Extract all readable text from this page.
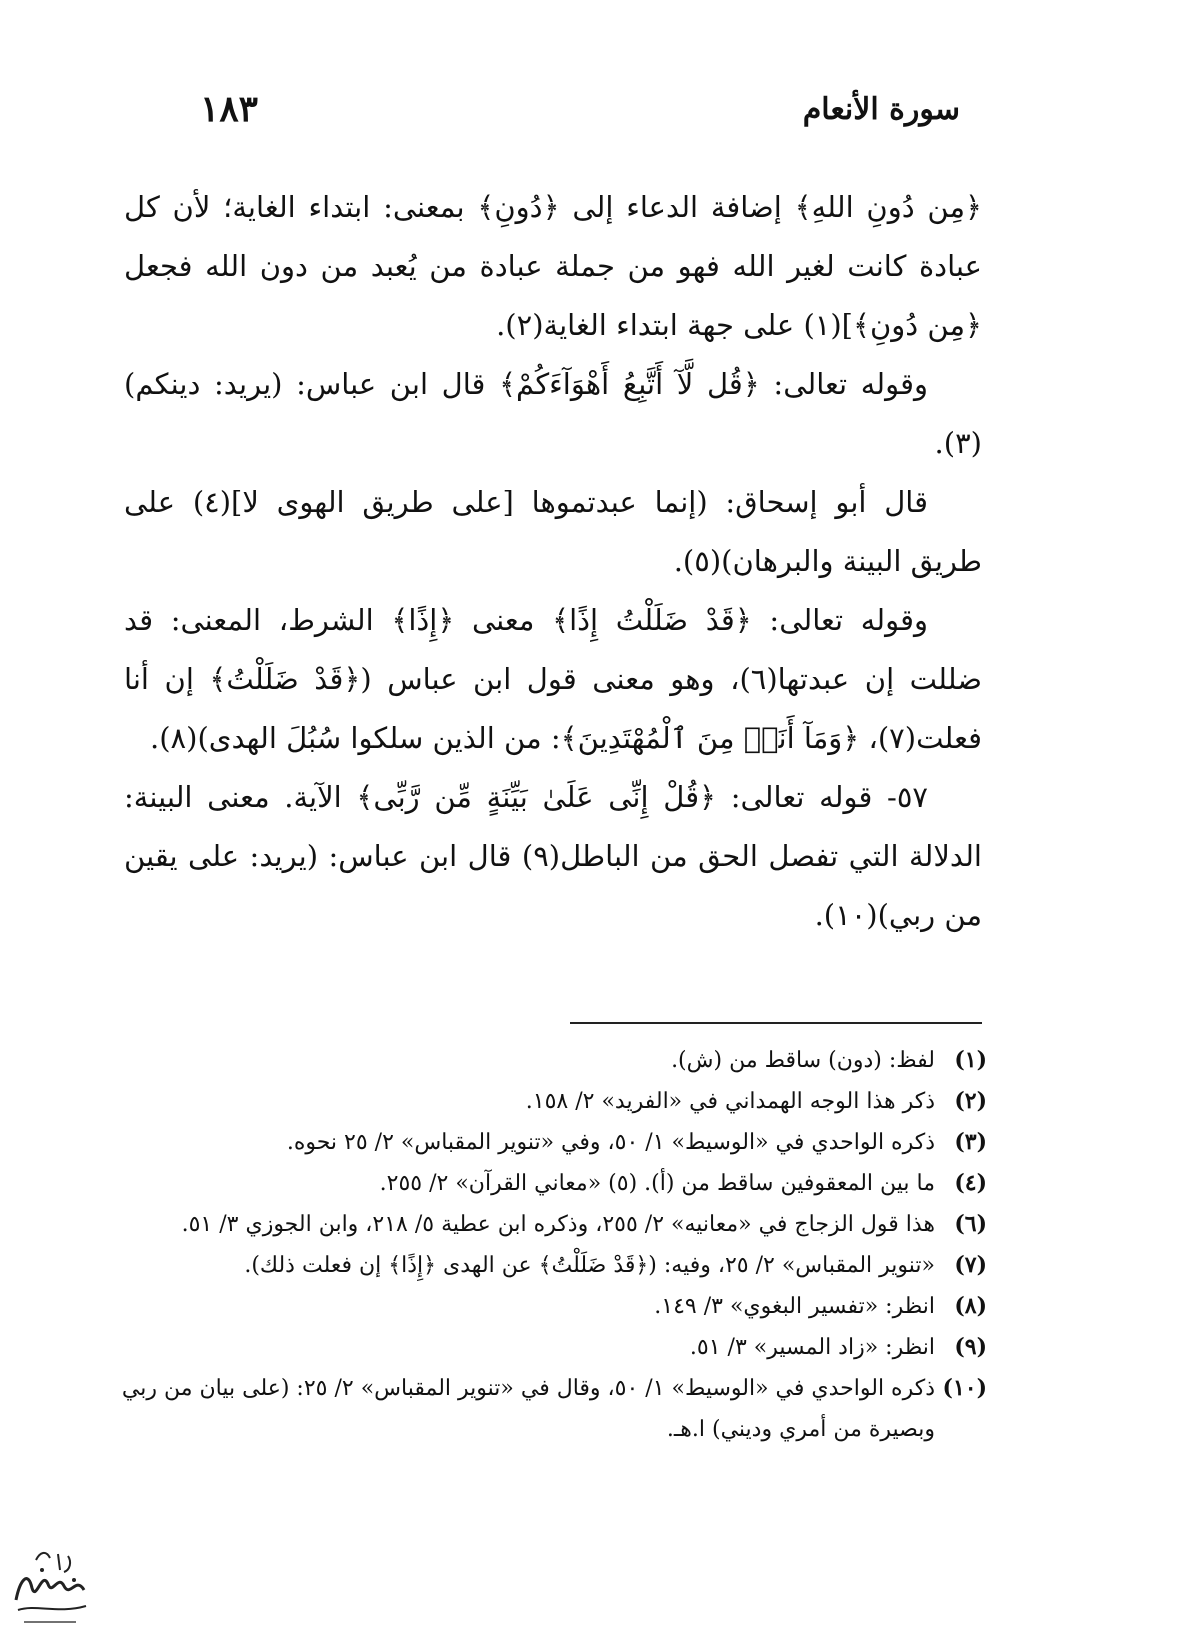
سورة الأنعام
١٨٣

﴿مِن دُونِ اللهِ﴾ إضافة الدعاء إلى ﴿دُونِ﴾ بمعنى: ابتداء الغاية؛ لأن كل عبادة كانت لغير الله فهو من جملة عبادة من يُعبد من دون الله فجعل ﴿مِن دُونِ﴾](١) على جهة ابتداء الغاية(٢).

وقوله تعالى: ﴿قُل لَّآ أَتَّبِعُ أَهْوَآءَكُمْ﴾ قال ابن عباس: (يريد: دينكم)(٣).

قال أبو إسحاق: (إنما عبدتموها [على طريق الهوى لا](٤) على طريق البينة والبرهان)(٥).

وقوله تعالى: ﴿قَدْ ضَلَلْتُ إِذًا﴾ معنى ﴿إِذًا﴾ الشرط، المعنى: قد ضللت إن عبدتها(٦)، وهو معنى قول ابن عباس (﴿قَدْ ضَلَلْتُ﴾ إن أنا فعلت(٧)، ﴿وَمَآ أَنَا۠ مِنَ ٱلْمُهْتَدِينَ﴾: من الذين سلكوا سُبُلَ الهدى)(٨).

٥٧- قوله تعالى: ﴿قُلْ إِنِّى عَلَىٰ بَيِّنَةٍ مِّن رَّبِّى﴾ الآية. معنى البينة: الدلالة التي تفصل الحق من الباطل(٩) قال ابن عباس: (يريد: على يقين من ربي)(١٠).

(١)
لفظ: (دون) ساقط من (ش).

(٢)
ذكر هذا الوجه الهمداني في «الفريد» ٢/ ١٥٨.

(٣)
ذكره الواحدي في «الوسيط» ١/ ٥٠، وفي «تنوير المقباس» ٢/ ٢٥ نحوه.

(٤)
ما بين المعقوفين ساقط من (أ). (٥) «معاني القرآن» ٢/ ٢٥٥.

(٦)
هذا قول الزجاج في «معانيه» ٢/ ٢٥٥، وذكره ابن عطية ٥/ ٢١٨، وابن الجوزي ٣/ ٥١.

(٧)
«تنوير المقباس» ٢/ ٢٥، وفيه: (﴿قَدْ ضَلَلْتُ﴾ عن الهدى ﴿إِذًا﴾ إن فعلت ذلك).

(٨)
انظر: «تفسير البغوي» ٣/ ١٤٩.

(٩)
انظر: «زاد المسير» ٣/ ٥١.

(١٠)
ذكره الواحدي في «الوسيط» ١/ ٥٠، وقال في «تنوير المقباس» ٢/ ٢٥: (على بيان من ربي وبصيرة من أمري وديني) ا.هـ.
